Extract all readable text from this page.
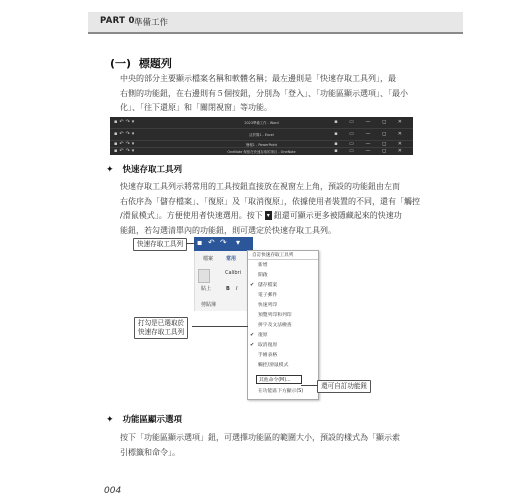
PART 0 準備工作
(一) 標題列
中央的部分主要顯示檔案名稱和軟體名稱；最左邊則是「快速存取工具列」，最
右側的功能鈕，在右邊則有５個按鈕，分別為「登入」、「功能區顯示選項」、「最小
化」、「往下還原」和「關閉視窗」等功能。
▪↶↷▾	2023準備工作 - Word	▪ ▭ — ◻ ✕
▪↶↷▾	活頁簿1 - Excel	▪ ▭ — ◻ ✕
▪↶↷▾	簡報1 - PowerPoint	▪ ▭ — ◻ ✕
▪↶↷▾	OneNote 保留在快速存取的項目 - OneNote	▪ ▭ — ◻ ✕
✦ 快速存取工具列
快速存取工具列示將常用的工具按鈕直接放在視窗左上角，預設的功能鈕由左而
右依序為「儲存檔案」、「復原」及「取消復原」，依據使用者裝置的不同，還有「觸控
/滑鼠模式」。方便使用者快速選用。按下 ▾ 鈕還可顯示更多被隱藏起來的快速功
能鈕，若勾選清單內的功能鈕，則可選定於快速存取工具列。
▪ ↶ ↷ ▾
檔案	常用
Calibri
貼上	B I
剪貼簿
自訂快速存取工具列
新增
開啟
✔ 儲存檔案
電子郵件
快速列印
預覽列印和列印
拼字及文法檢查
✔ 復原
✔ 取消復原
手繪表格
觸控/滑鼠模式
其他命令(M)...
在功能區下方顯示(S)
快速存取工具列
打勾是已選取於
快速存取工具列
還可自訂功能鈕
✦ 功能區顯示選項
按下「功能區顯示選項」鈕，可選擇功能區的範圍大小，預設的樣式為「顯示索
引標籤和命令」。
004
